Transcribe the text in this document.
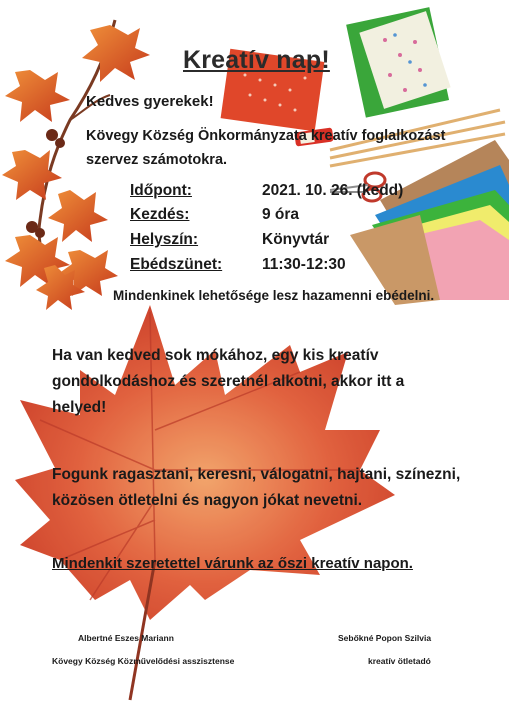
Kreatív nap!
Kedves gyerekek!
Kövegy Község Önkormányzata kreatív foglalkozást szervez számotokra.
Időpont:	2021. 10. 26. (kedd)
Kezdés:	9 óra
Helyszín:	Könyvtár
Ebédszünet:	11:30-12:30
Mindenkinek lehetősége lesz hazamenni ebédelni.
Ha van kedved sok mókához, egy kis kreatív gondolkodáshoz és szeretnél alkotni, akkor itt a helyed!
Fogunk ragasztani, keresni, válogatni, hajtani, színezni, közösen ötletelni és nagyon jókat nevetni.
Mindenkit szeretettel várunk az őszi kreatív napon.
Albertné Eszes Mariann
Kövegy Község Közművelődési asszisztense
Sebőkné Popon Szilvia
kreatív ötletadó
